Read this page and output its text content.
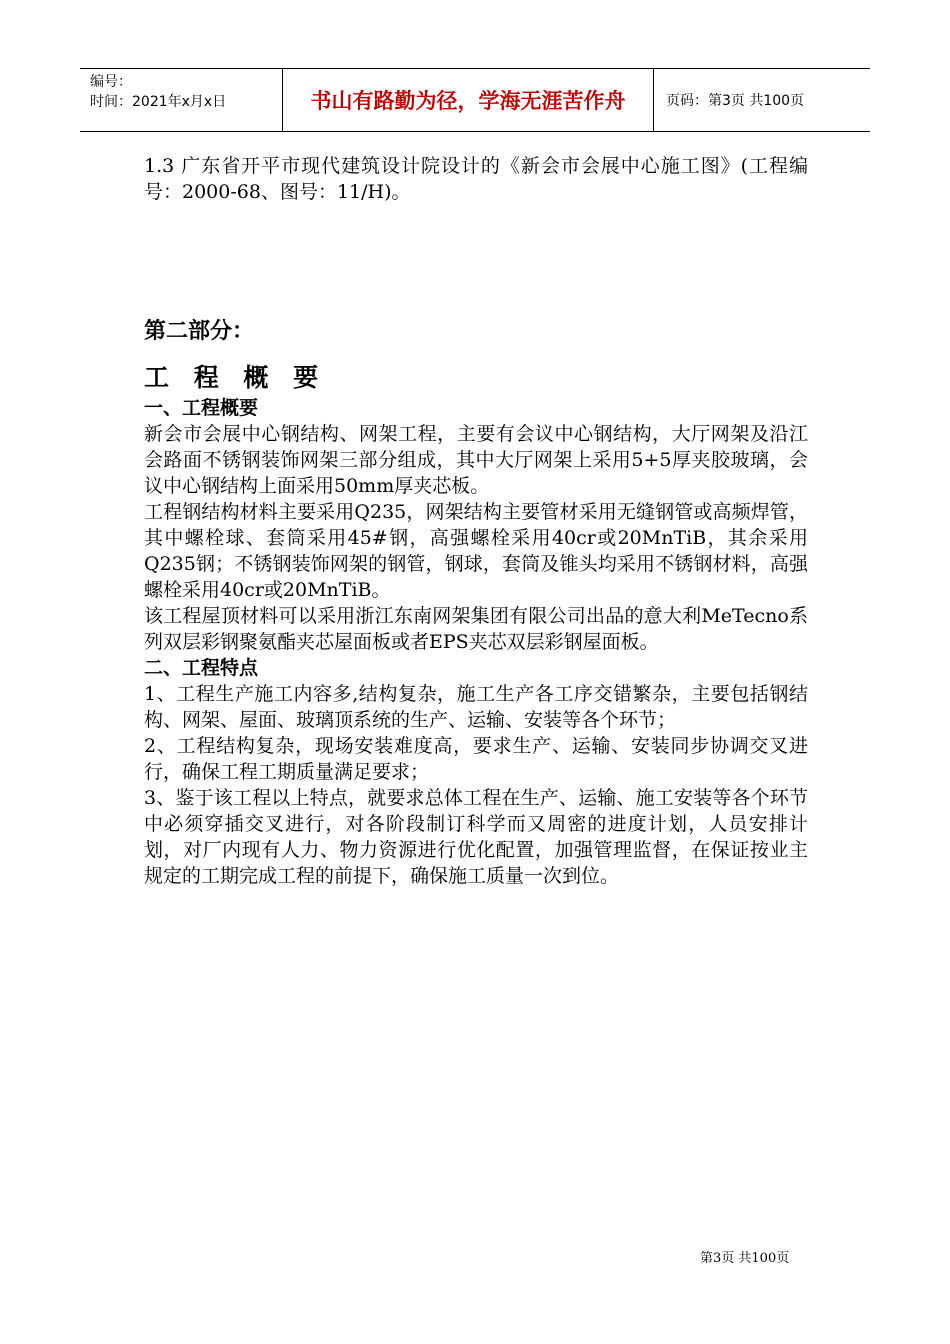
编号：
时间：2021年x月x日	书山有路勤为径，学海无涯苦作舟	页码：第3页 共100页

1.3 广东省开平市现代建筑设计院设计的《新会市会展中心施工图》(工程编号：2000-68、图号：11/H)。

第二部分：

工 程 概 要

一、工程概要

新会市会展中心钢结构、网架工程，主要有会议中心钢结构，大厅网架及沿江会路面不锈钢装饰网架三部分组成，其中大厅网架上采用5+5厚夹胶玻璃，会议中心钢结构上面采用50mm厚夹芯板。

工程钢结构材料主要采用Q235，网架结构主要管材采用无缝钢管或高频焊管，其中螺栓球、套筒采用45#钢，高强螺栓采用40cr或20MnTiB，其余采用Q235钢；不锈钢装饰网架的钢管，钢球，套筒及锥头均采用不锈钢材料，高强螺栓采用40cr或20MnTiB。

该工程屋顶材料可以采用浙江东南网架集团有限公司出品的意大利MeTecno系列双层彩钢聚氨酯夹芯屋面板或者EPS夹芯双层彩钢屋面板。

二、工程特点

1、工程生产施工内容多,结构复杂，施工生产各工序交错繁杂，主要包括钢结构、网架、屋面、玻璃顶系统的生产、运输、安装等各个环节；

2、工程结构复杂，现场安装难度高，要求生产、运输、安装同步协调交叉进行，确保工程工期质量满足要求；

3、鉴于该工程以上特点，就要求总体工程在生产、运输、施工安装等各个环节中必须穿插交叉进行，对各阶段制订科学而又周密的进度计划，人员安排计划，对厂内现有人力、物力资源进行优化配置，加强管理监督，在保证按业主规定的工期完成工程的前提下，确保施工质量一次到位。

第3页 共100页
